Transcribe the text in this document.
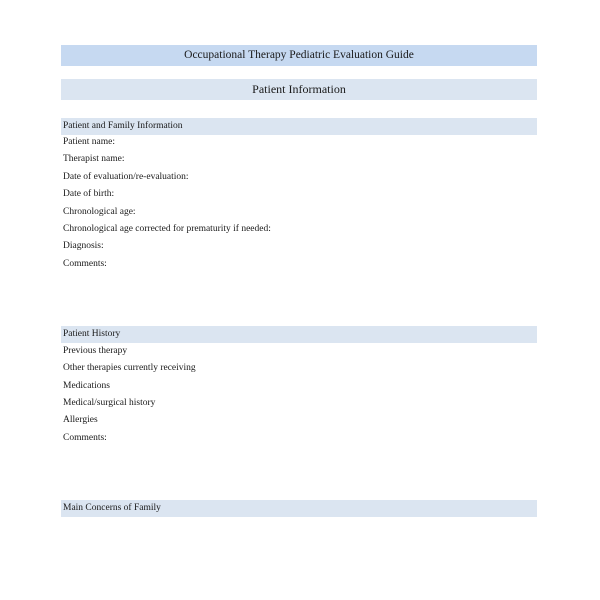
Occupational Therapy Pediatric Evaluation Guide
Patient Information
Patient and Family Information
Patient name:
Therapist name:
Date of evaluation/re-evaluation:
Date of birth:
Chronological age:
Chronological age corrected for prematurity if needed:
Diagnosis:
Comments:
Patient History
Previous therapy
Other therapies currently receiving
Medications
Medical/surgical history
Allergies
Comments:
Main Concerns of Family
